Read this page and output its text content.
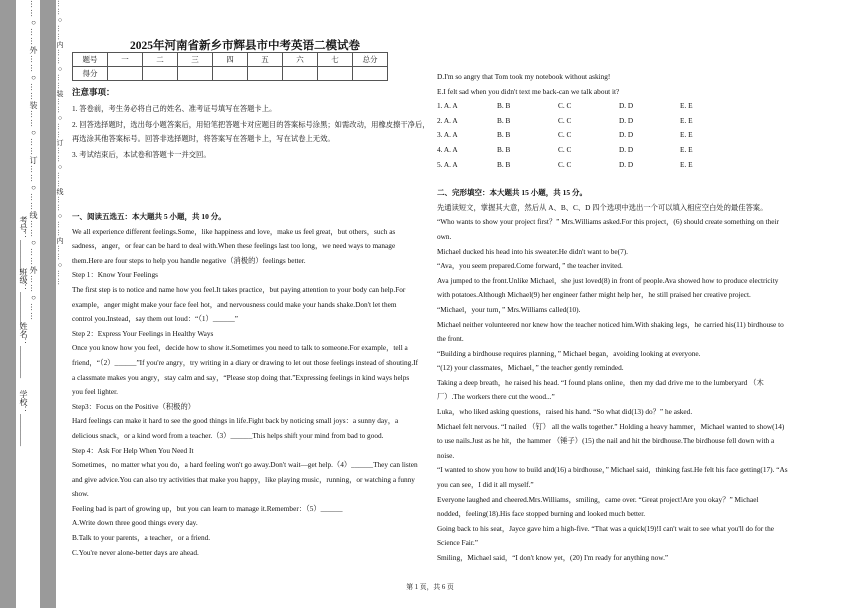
……○……外……○……装……○……订……○……线……○……外……○……	……○……内……○……装……○……订……○……线……○……内……○……
学校：________
姓名：________
班级：________
考号：________
2025年河南省新乡市辉县市中考英语二模试卷
题号	一	二	三	四	五	六	七	总分
得分								
注意事项：

1. 答卷前，考生务必将自己的姓名、准考证号填写在答题卡上。

2. 回答选择题时，选出每小题答案后，用铅笔把答题卡对应题目的答案标号涂黑；如需改动，用橡皮擦干净后，再选涂其他答案标号。回答非选择题时，将答案写在答题卡上，写在试卷上无效。

3. 考试结束后，本试卷和答题卡一并交回。

一、阅读五选五：本大题共 5 小题，共 10 分。

We all experience different feelings.Some，like happiness and love，make us feel great，but others，such as sadness，anger，or fear can be hard to deal with.When these feelings last too long，we need ways to manage them.Here are four steps to help you handle negative（消极的）feelings better.

Step 1：Know Your Feelings

The first step is to notice and name how you feel.It takes practice，but paying attention to your body can help.For example，anger might make your face feel hot，and nervousness could make your hands shake.Don't let them control you.Instead，say them out loud：“（1）______”

Step 2：Express Your Feelings in Healthy Ways

Once you know how you feel，decide how to show it.Sometimes you need to talk to someone.For example，tell a friend，“（2）______”If you're angry，try writing in a diary or drawing to let out those feelings instead of shouting.If a classmate makes you angry，stay calm and say，“Please stop doing that.”Expressing feelings in kind ways helps you feel lighter.

Step3：Focus on the Positive（积极的）

Hard feelings can make it hard to see the good things in life.Fight back by noticing small joys：a sunny day，a delicious snack，or a kind word from a teacher.（3）______This helps shift your mind from bad to good.

Step 4：Ask For Help When You Need It

Sometimes，no matter what you do，a hard feeling won't go away.Don't wait—get help.（4）______They can listen and give advice.You can also try activities that make you happy，like playing music，running，or watching a funny show.

Feeling bad is part of growing up，but you can learn to manage it.Remember：（5）______

A.Write down three good things every day.

B.Talk to your parents，a teacher，or a friend.

C.You're never alone-better days are ahead.

D.I'm so angry that Tom took my notebook without asking!

E.I felt sad when you didn't text me back-can we talk about it?

1. A. A	B. B	C. C	D. D	E. E
2. A. A	B. B	C. C	D. D	E. E
3. A. A	B. B	C. C	D. D	E. E
4. A. A	B. B	C. C	D. D	E. E
5. A. A	B. B	C. C	D. D	E. E
二、完形填空：本大题共 15 小题，共 15 分。

先通读短文，掌握其大意，然后从 A、B、C、D 四个选项中选出一个可以填入相应空白处的最佳答案。

“Who wants to show your project first？” Mrs.Williams asked.For this project，(6) should create something on their own.

Michael ducked his head into his sweater.He didn't want to be(7).

“Ava，you seem prepared.Come forward，” the teacher invited.

Ava jumped to the front.Unlike Michael，she just loved(8) in front of people.Ava showed how to produce electricity with potatoes.Although Michael(9) her engineer father might help her，he still praised her creative project.

“Michael，your turn，” Mrs.Williams called(10).

Michael neither volunteered nor knew how the teacher noticed him.With shaking legs，he carried his(11) birdhouse to the front.

“Building a birdhouse requires planning，” Michael began，avoiding looking at everyone.

“(12) your classmates，Michael，” the teacher gently reminded.

Taking a deep breath，he raised his head. “I found plans online，then my dad drive me to the lumberyard （木厂）.The workers there cut the wood...”

Luka，who liked asking questions，raised his hand. “So what did(13) do？” he asked.

Michael felt nervous. “I nailed （钉） all the walls together.” Holding a heavy hammer，Michael wanted to show(14) to use nails.Just as he hit，the hammer （锤子）(15) the nail and hit the birdhouse.The birdhouse fell down with a noise.

“I wanted to show you how to build and(16) a birdhouse，” Michael said，thinking fast.He felt his face getting(17). “As you can see，I did it all myself.”

Everyone laughed and cheered.Mrs.Williams，smiling，came over. “Great project!Are you okay？” Michael nodded，feeling(18).His face stopped burning and looked much better.

Going back to his seat，Jayce gave him a high-five. “That was a quick(19)!I can't wait to see what you'll do for the Science Fair.”

Smiling，Michael said，“I don't know yet，(20) I'm ready for anything now.”

第 1 页，共 6 页
